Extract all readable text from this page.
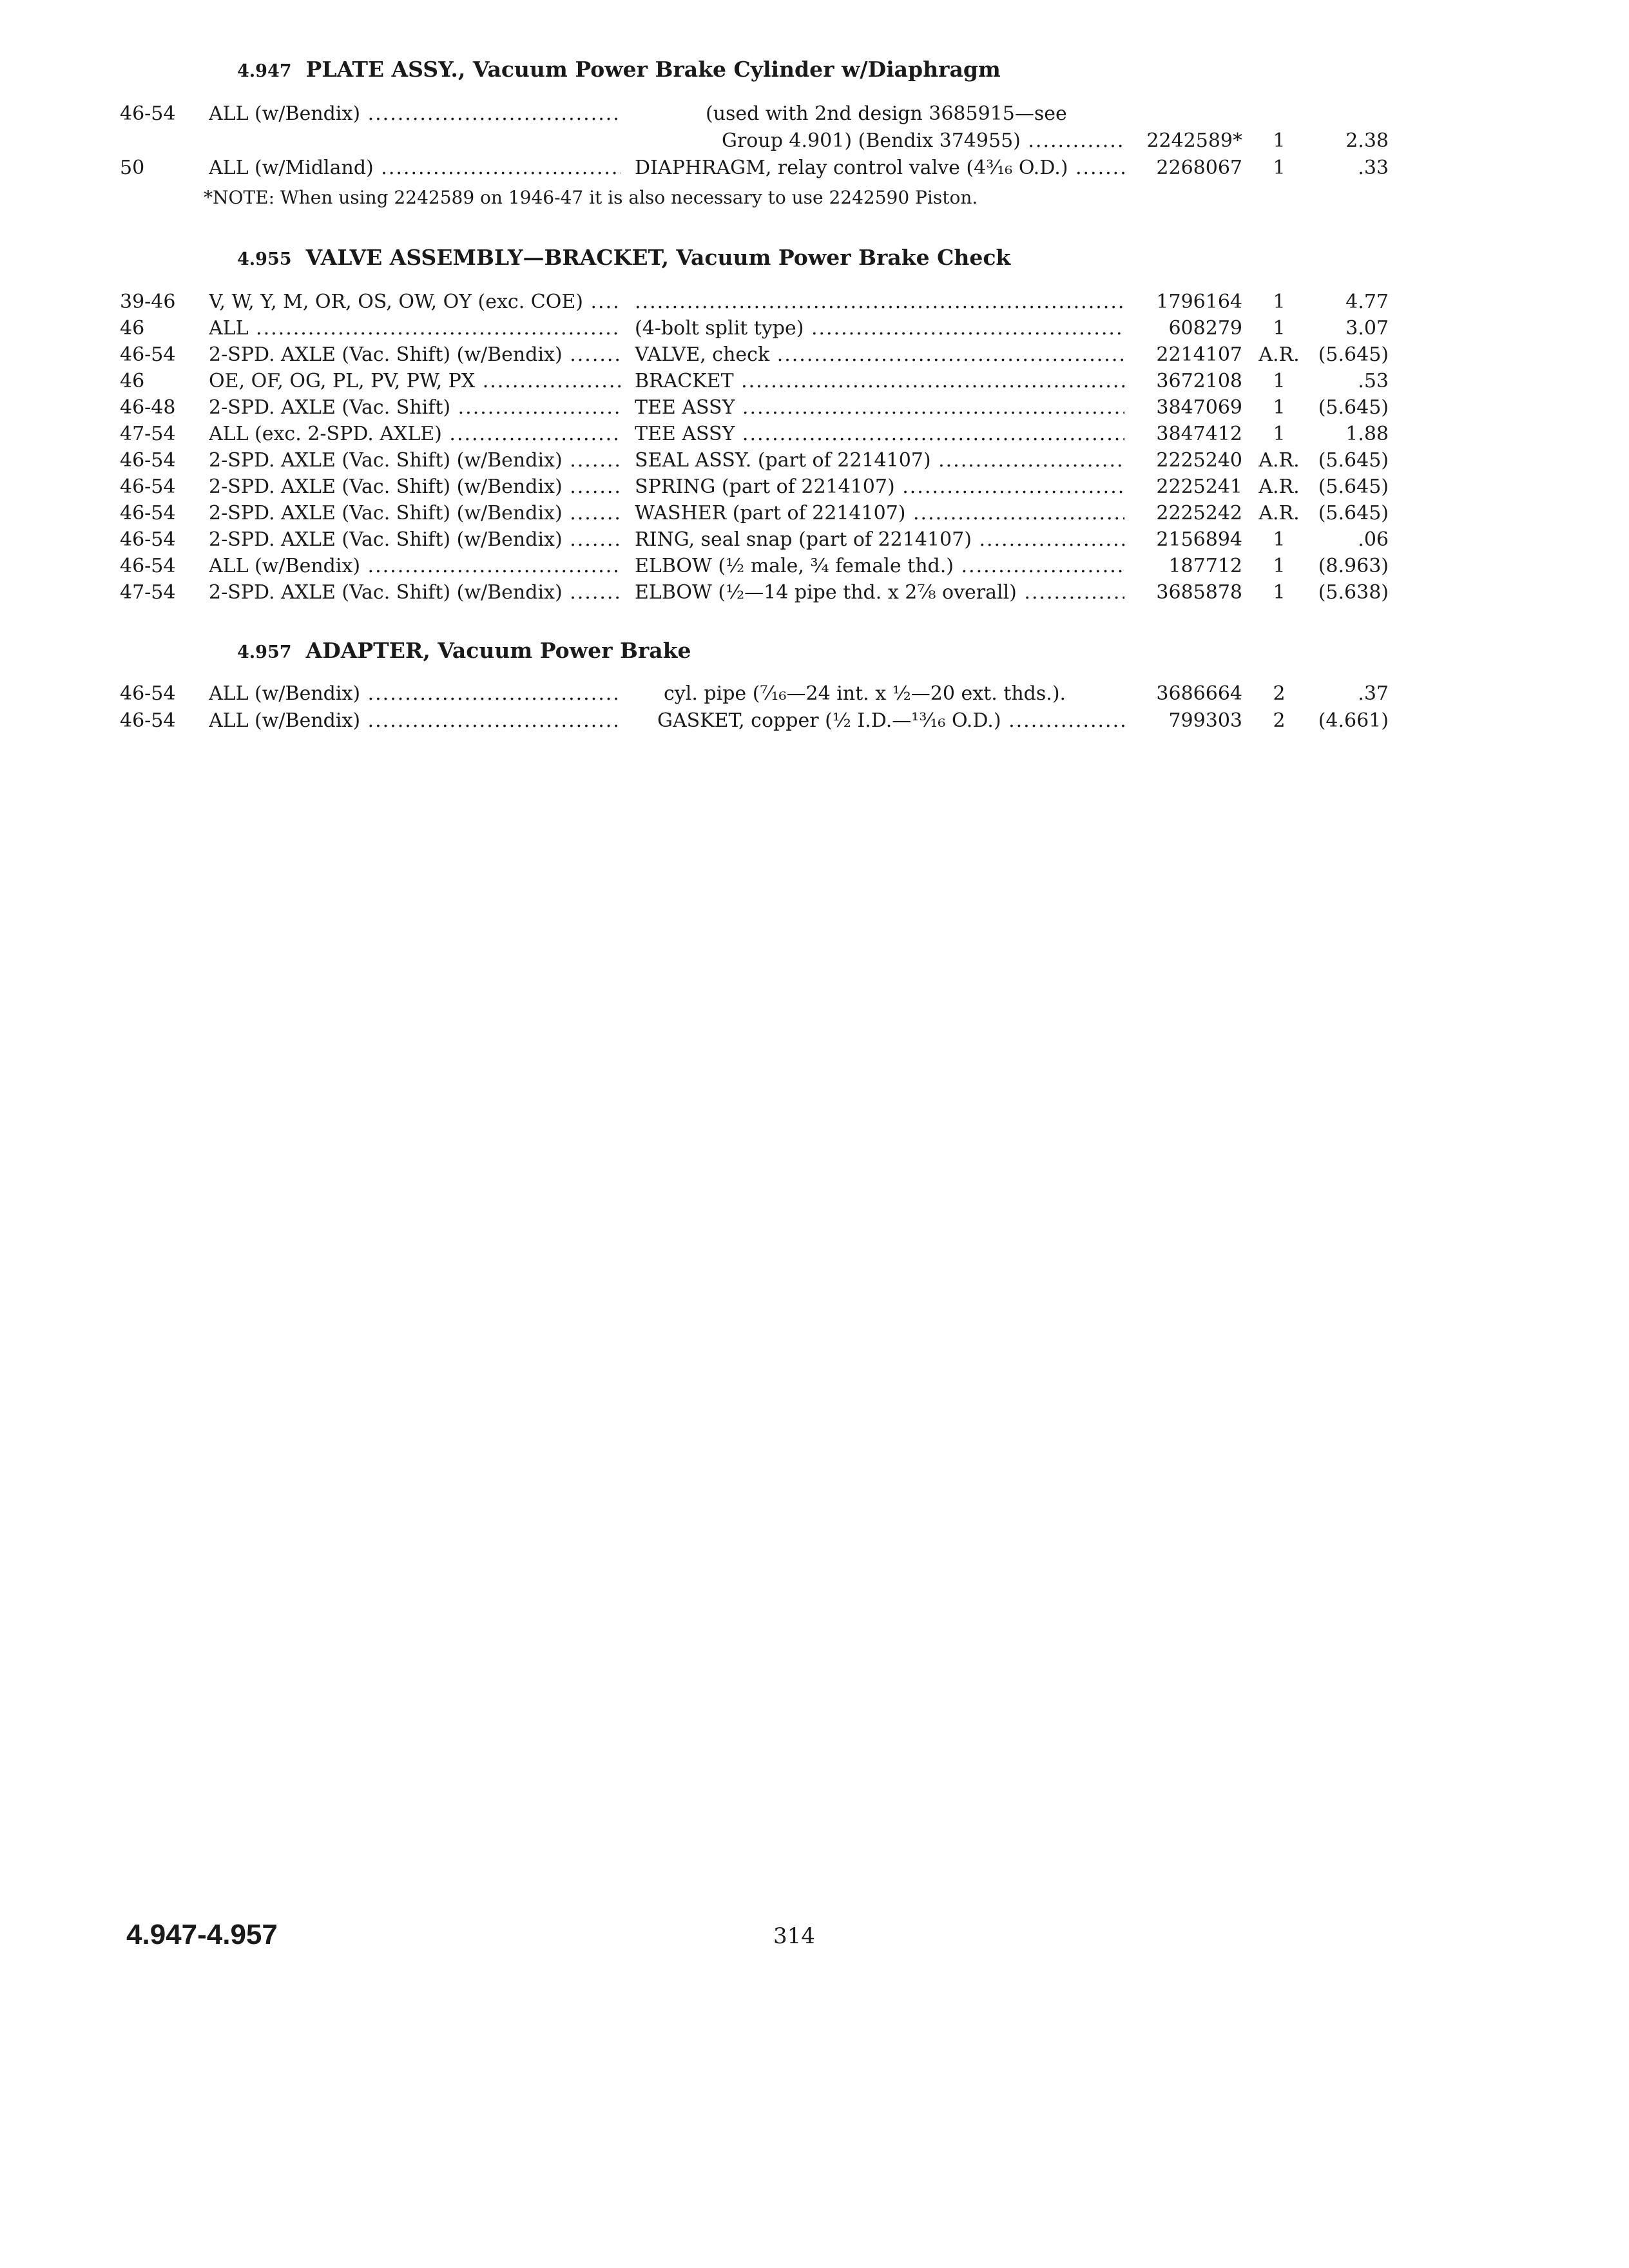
4.947 PLATE ASSY., Vacuum Power Brake Cylinder w/Diaphragm
46-54 ALL (w/Bendix) .....	(used with 2nd design 3685915—see
Group 4.901) (Bendix 374955) .....	2242589*	1	2.38
50	ALL (w/Midland) .....	DIAPHRAGM, relay control valve (4³⁄₁₆ O.D.) .....	2268067	1	.33
*NOTE: When using 2242589 on 1946-47 it is also necessary to use 2242590 Piston.
4.955 VALVE ASSEMBLY—BRACKET, Vacuum Power Brake Check
39-46 V, W, Y, M, OR, OS, OW, OY (exc. COE) .....
.....	1796164	1	4.77
46	ALL .....	(4-bolt split type) .....	608279	1	3.07
46-54 2-SPD. AXLE (Vac. Shift) (w/Bendix) .....	VALVE, check .....	2214107 A.R. (5.645)
46	OE, OF, OG, PL, PV, PW, PX .....	BRACKET .....	3672108	1	.53
46-48 2-SPD. AXLE (Vac. Shift) .....	TEE ASSY .....	3847069	1	(5.645)
47-54 ALL (exc. 2-SPD. AXLE) .....	TEE ASSY .....	3847412	1	1.88
46-54 2-SPD. AXLE (Vac. Shift) (w/Bendix) .....	SEAL ASSY. (part of 2214107) .....	2225240 A.R. (5.645)
46-54 2-SPD. AXLE (Vac. Shift) (w/Bendix) .....	SPRING (part of 2214107) .....	2225241 A.R. (5.645)
46-54 2-SPD. AXLE (Vac. Shift) (w/Bendix) .....	WASHER (part of 2214107) .....	2225242 A.R. (5.645)
46-54 2-SPD. AXLE (Vac. Shift) (w/Bendix) .....	RING, seal snap (part of 2214107) .....	2156894	1	.06
46-54 ALL (w/Bendix) .....	ELBOW (½ male, ¾ female thd.) .....	187712	1	(8.963)
47-54 2-SPD. AXLE (Vac. Shift) (w/Bendix) .....	ELBOW (½—14 pipe thd. x 2⅞ overall) .....	3685878	1	(5.638)
4.957 ADAPTER, Vacuum Power Brake
46-54 ALL (w/Bendix) .....	cyl. pipe (⁷⁄₁₆—24 int. x ½—20 ext. thds.).	3686664	2	.37
46-54 ALL (w/Bendix) .....	GASKET, copper (½ I.D.—¹³⁄₁₆ O.D.) .....	799303	2	(4.661)
4.947-4.957	314
